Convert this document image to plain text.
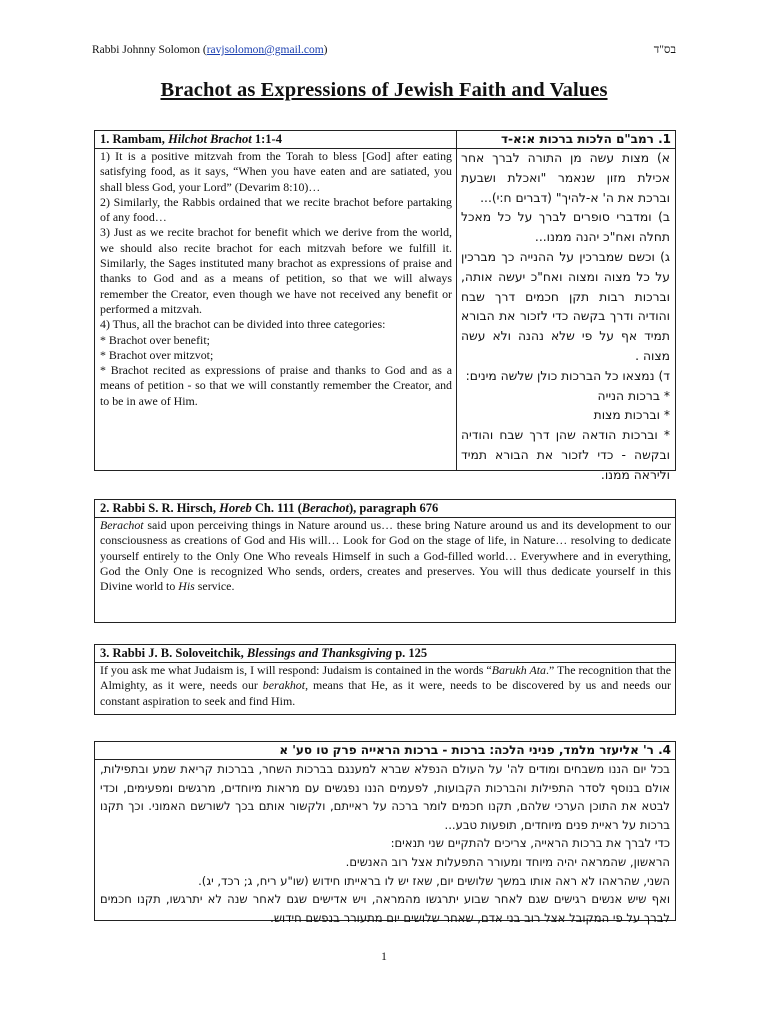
Rabbi Johnny Solomon (ravjsolomon@gmail.com)	בס"ד
Brachot as Expressions of Jewish Faith and Values
1. Rambam, Hilchot Brachot 1:1-4

1) It is a positive mitzvah from the Torah to bless [God] after eating satisfying food, as it says, “When you have eaten and are satiated, you shall bless God, your Lord” (Devarim 8:10)…

2) Similarly, the Rabbis ordained that we recite brachot before partaking of any food…

3) Just as we recite brachot for benefit which we derive from the world, we should also recite brachot for each mitzvah before we fulfill it. Similarly, the Sages instituted many brachot as expressions of praise and thanks to God and as a means of petition, so that we will always remember the Creator, even though we have not received any benefit or performed a mitzvah.

4) Thus, all the brachot can be divided into three categories:

* Brachot over benefit;

* Brachot over mitzvot;

* Brachot recited as expressions of praise and thanks to God and as a means of petition - so that we will constantly remember the Creator, and to be in awe of Him.

1. רמב"ם הלכות ברכות א:א-ד

א) מצות עשה מן התורה לברך אחר אכילת מזון שנאמר "ואכלת ושבעת וברכת את ה' א-להיך" (דברים ח:י)...

ב) ומדברי סופרים לברך על כל מאכל תחלה ואח"כ יהנה ממנו...

ג) וכשם שמברכין על ההנייה כך מברכין על כל מצוה ומצוה ואח"כ יעשה אותה, וברכות רבות תקן חכמים דרך שבח והודיה ודרך בקשה כדי לזכור את הבורא תמיד אף על פי שלא נהנה ולא עשה מצוה .

ד) נמצאו כל הברכות כולן שלשה מינים:

* ברכות הנייה

* וברכות מצות

* וברכות הודאה שהן דרך שבח והודיה ובקשה - כדי לזכור את הבורא תמיד וליראה ממנו.

2. Rabbi S. R. Hirsch, Horeb Ch. 111 (Berachot), paragraph 676
Berachot said upon perceiving things in Nature around us… these bring Nature around us and its development to our consciousness as creations of God and His will… Look for God on the stage of life, in Nature… resolving to dedicate yourself entirely to the Only One Who reveals Himself in such a God-filled world… Everywhere and in everything, God the Only One is recognized Who sends, orders, creates and preserves. You will thus dedicate yourself in this Divine world to His service.
3. Rabbi J. B. Soloveitchik, Blessings and Thanksgiving p. 125
If you ask me what Judaism is, I will respond: Judaism is contained in the words “Barukh Ata.” The recognition that the Almighty, as it were, needs our berakhot, means that He, as it were, needs to be discovered by us and needs our constant aspiration to seek and find Him.
4. ר' אליעזר מלמד, פניני הלכה: ברכות - ברכות הראייה פרק טו סע' א

בכל יום הננו משבחים ומודים לה' על העולם הנפלא שברא למענגם בברכות השחר, בברכות קריאת שמע ובתפילות, אולם בנוסף לסדר התפילות והברכות הקבועות, לפעמים הננו נפגשים עם מראות מיוחדים, מרגשים ומפעימים, וכדי לבטא את התוכן הערכי שלהם, תקנו חכמים לומר ברכה על ראייתם, ולקשור אותם בכך לשורשם האמוני. וכך תקנו ברכות על ראיית פנים מיוחדים, תופעות טבע...

כדי לברך את ברכות הראייה, צריכים להתקיים שני תנאים:

הראשון, שהמראה יהיה מיוחד ומעורר התפעלות אצל רוב האנשים.

השני, שהראהו לא ראה אותו במשך שלושים יום, שאז יש לו בראייתו חידוש (שו"ע ריח, ג; רכד, יג).

ואף שיש אנשים רגישים שגם לאחר שבוע יתרגשו מהמראה, ויש אדישים שגם לאחר שנה לא יתרגשו, תקנו חכמים לברך על פי המקובל אצל רוב בני אדם, שאחר שלושים יום מתעורר בנפשם חידוש.

1
